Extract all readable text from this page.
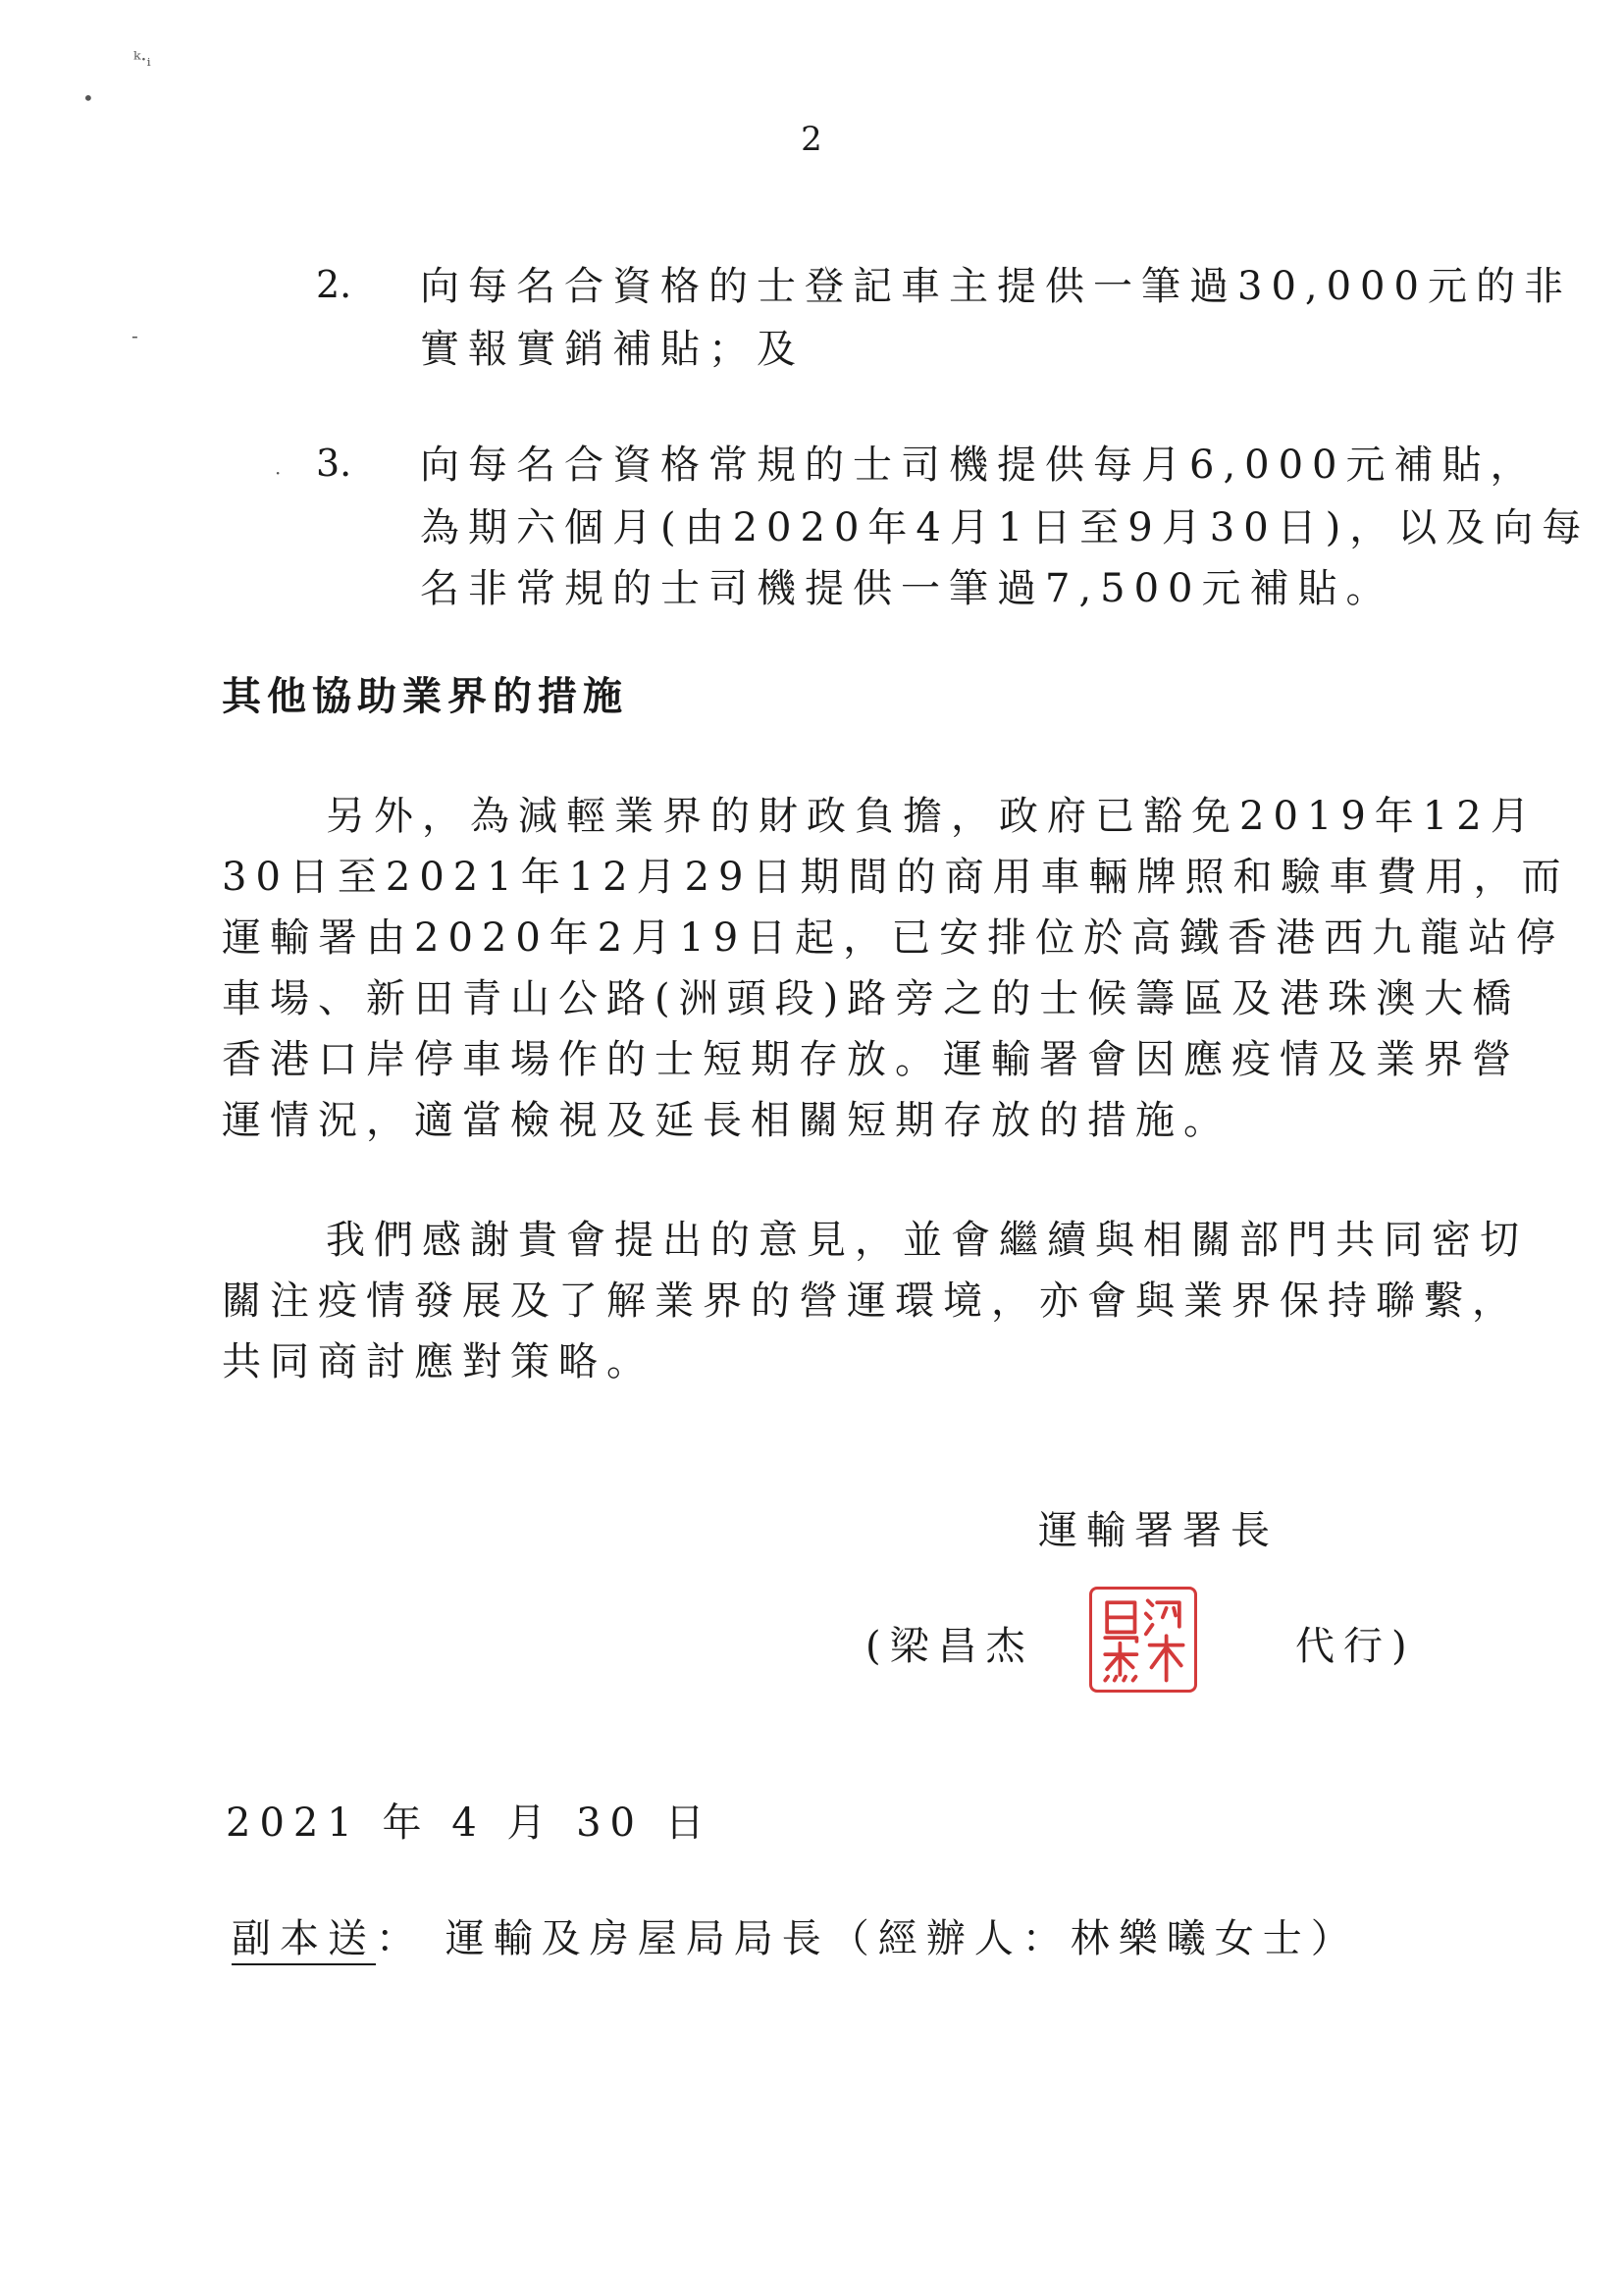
ᵏ·ᵢ
•
-
·
2
2. 向每名合資格的士登記車主提供一筆過30,000元的非
實報實銷補貼；及
3. 向每名合資格常規的士司機提供每月6,000元補貼，
為期六個月(由2020年4月1日至9月30日)，以及向每
名非常規的士司機提供一筆過7,500元補貼。
其他協助業界的措施
另外，為減輕業界的財政負擔，政府已豁免2019年12月
30日至2021年12月29日期間的商用車輛牌照和驗車費用，而
運輸署由2020年2月19日起，已安排位於高鐵香港西九龍站停
車場、新田青山公路(洲頭段)路旁之的士候籌區及港珠澳大橋
香港口岸停車場作的士短期存放。運輸署會因應疫情及業界營
運情況，適當檢視及延長相關短期存放的措施。
我們感謝貴會提出的意見，並會繼續與相關部門共同密切
關注疫情發展及了解業界的營運環境，亦會與業界保持聯繫，
共同商討應對策略。
運輸署署長
(梁昌杰	代行)
2021 年 4 月 30 日
副本送： 運輸及房屋局局長（經辦人：林樂曦女士）
